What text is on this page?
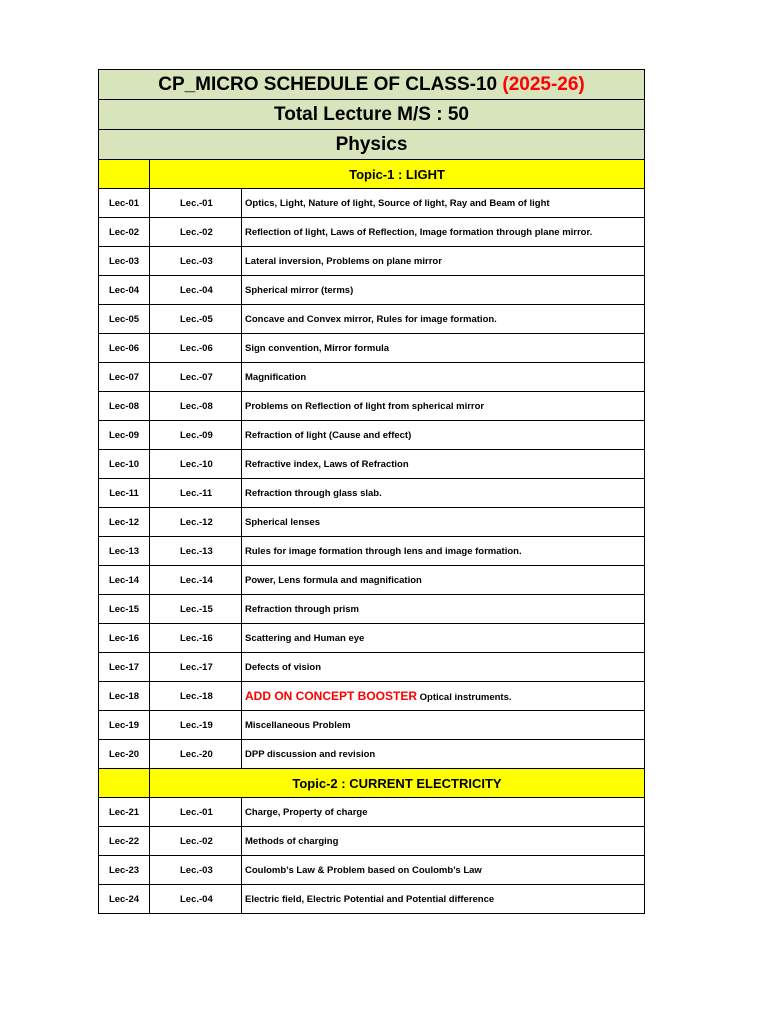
CP_MICRO SCHEDULE OF CLASS-10 (2025-26)		
Total Lecture M/S : 50		
Physics		
	Topic-1 : LIGHT	
Lec-01	Lec.-01	Optics, Light, Nature of light, Source of light, Ray and Beam of light
Lec-02	Lec.-02	Reflection of light, Laws of Reflection, Image formation through plane mirror.
Lec-03	Lec.-03	Lateral inversion, Problems on plane mirror
Lec-04	Lec.-04	Spherical mirror (terms)
Lec-05	Lec.-05	Concave and Convex mirror, Rules for image formation.
Lec-06	Lec.-06	Sign convention, Mirror formula
Lec-07	Lec.-07	Magnification
Lec-08	Lec.-08	Problems on Reflection of light from spherical mirror
Lec-09	Lec.-09	Refraction of light (Cause and effect)
Lec-10	Lec.-10	Refractive index, Laws of Refraction
Lec-11	Lec.-11	Refraction through glass slab.
Lec-12	Lec.-12	Spherical lenses
Lec-13	Lec.-13	Rules for image formation through lens and image formation.
Lec-14	Lec.-14	Power, Lens formula and magnification
Lec-15	Lec.-15	Refraction through prism
Lec-16	Lec.-16	Scattering and Human eye
Lec-17	Lec.-17	Defects of vision
Lec-18	Lec.-18	ADD ON CONCEPT BOOSTER Optical instruments.
Lec-19	Lec.-19	Miscellaneous Problem
Lec-20	Lec.-20	DPP discussion and revision
	Topic-2 : CURRENT ELECTRICITY	
Lec-21	Lec.-01	Charge, Property of charge
Lec-22	Lec.-02	Methods of charging
Lec-23	Lec.-03	Coulomb’s Law & Problem based on Coulomb’s Law
Lec-24	Lec.-04	Electric field, Electric Potential and Potential difference
